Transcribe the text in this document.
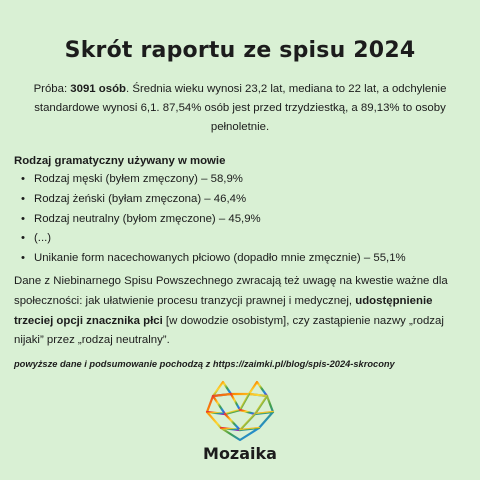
Skrót raportu ze spisu 2024
Próba: 3091 osób. Średnia wieku wynosi 23,2 lat, mediana to 22 lat, a odchylenie standardowe wynosi 6,1. 87,54% osób jest przed trzydziestką, a 89,13% to osoby pełnoletnie.
Rodzaj gramatyczny używany w mowie
• Rodzaj męski (byłem zmęczony) – 58,9%
• Rodzaj żeński (byłam zmęczona) – 46,4%
• Rodzaj neutralny (byłom zmęczone) – 45,9%
• (...)
• Unikanie form nacechowanych płciowo (dopadło mnie zmęcznie) – 55,1%
Dane z Niebinarnego Spisu Powszechnego zwracają też uwagę na kwestie ważne dla społeczności: jak ułatwienie procesu tranzycji prawnej i medycznej, udostępnienie trzeciej opcji znacznika płci [w dowodzie osobistym], czy zastąpienie nazwy „rodzaj nijaki” przez „rodzaj neutralny”.
powyższe dane i podsumowanie pochodzą z https://zaimki.pl/blog/spis-2024-skrocony
Mozaika
